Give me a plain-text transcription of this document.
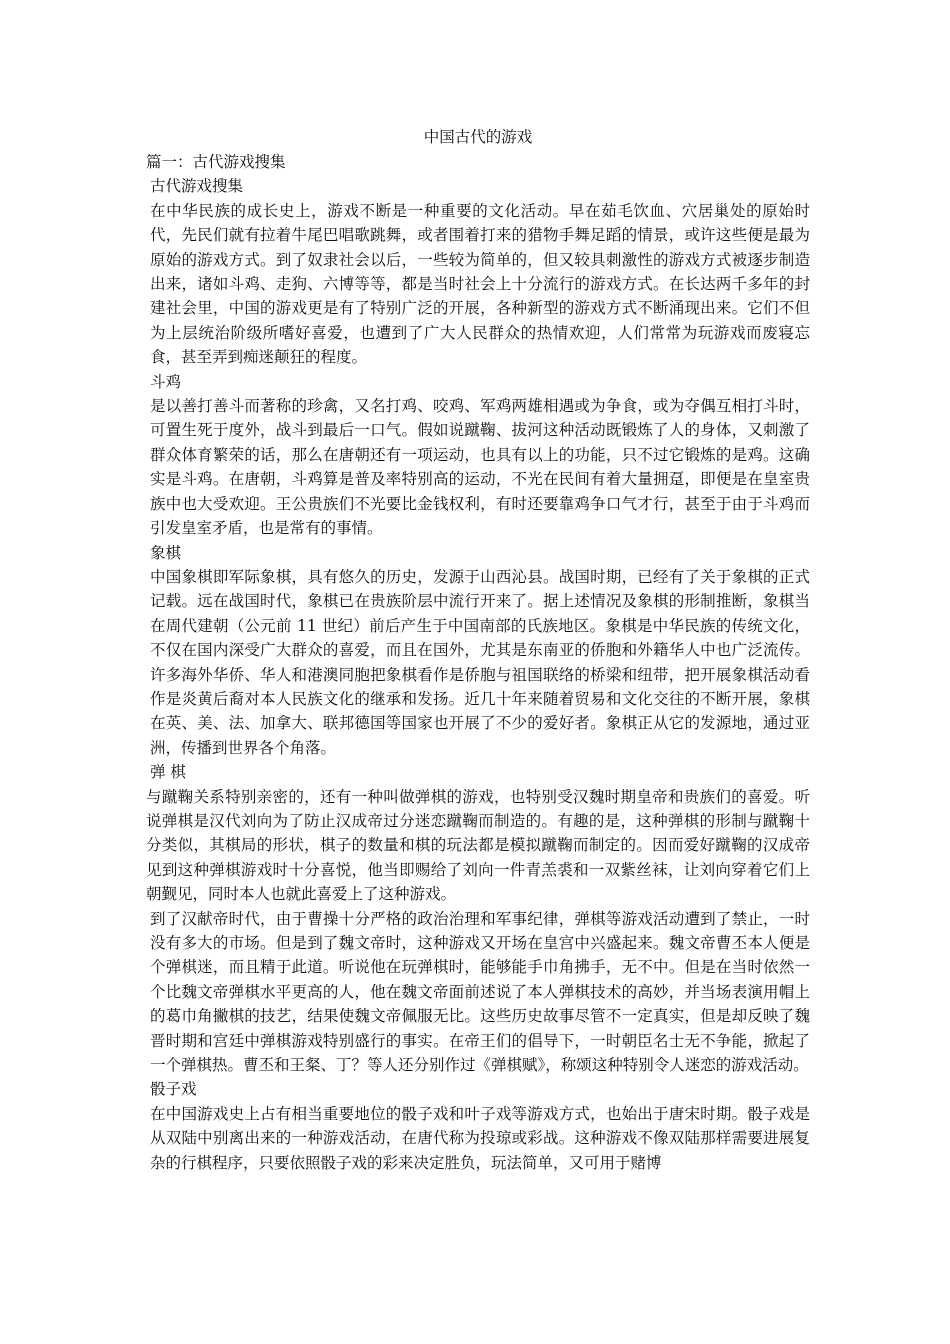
中国古代的游戏

篇一：古代游戏搜集

古代游戏搜集

在中华民族的成长史上，游戏不断是一种重要的文化活动。早在茹毛饮血、穴居巢处的原始时代，先民们就有拉着牛尾巴唱歌跳舞，或者围着打来的猎物手舞足蹈的情景，或许这些便是最为原始的游戏方式。到了奴隶社会以后，一些较为简单的，但又较具刺激性的游戏方式被逐步制造出来，诸如斗鸡、走狗、六博等等，都是当时社会上十分流行的游戏方式。在长达两千多年的封建社会里，中国的游戏更是有了特别广泛的开展，各种新型的游戏方式不断涌现出来。它们不但为上层统治阶级所嗜好喜爱，也遭到了广大人民群众的热情欢迎，人们常常为玩游戏而废寝忘食，甚至弄到痴迷颠狂的程度。

斗鸡

是以善打善斗而著称的珍禽，又名打鸡、咬鸡、军鸡两雄相遇或为争食，或为夺偶互相打斗时，可置生死于度外，战斗到最后一口气。假如说蹴鞠、拔河这种活动既锻炼了人的身体，又刺激了群众体育繁荣的话，那么在唐朝还有一项运动，也具有以上的功能，只不过它锻炼的是鸡。这确实是斗鸡。在唐朝，斗鸡算是普及率特别高的运动，不光在民间有着大量拥趸，即便是在皇室贵族中也大受欢迎。王公贵族们不光要比金钱权利，有时还要靠鸡争口气才行，甚至于由于斗鸡而引发皇室矛盾，也是常有的事情。

象棋

中国象棋即军际象棋，具有悠久的历史，发源于山西沁县。战国时期，已经有了关于象棋的正式记载。远在战国时代，象棋已在贵族阶层中流行开来了。据上述情况及象棋的形制推断，象棋当在周代建朝（公元前 11 世纪）前后产生于中国南部的氏族地区。象棋是中华民族的传统文化，不仅在国内深受广大群众的喜爱，而且在国外，尤其是东南亚的侨胞和外籍华人中也广泛流传。许多海外华侨、华人和港澳同胞把象棋看作是侨胞与祖国联络的桥梁和纽带，把开展象棋活动看作是炎黄后裔对本人民族文化的继承和发扬。近几十年来随着贸易和文化交往的不断开展，象棋在英、美、法、加拿大、联邦德国等国家也开展了不少的爱好者。象棋正从它的发源地，通过亚洲，传播到世界各个角落。

弹 棋

与蹴鞠关系特别亲密的，还有一种叫做弹棋的游戏，也特别受汉魏时期皇帝和贵族们的喜爱。听说弹棋是汉代刘向为了防止汉成帝过分迷恋蹴鞠而制造的。有趣的是，这种弹棋的形制与蹴鞠十分类似，其棋局的形状，棋子的数量和棋的玩法都是模拟蹴鞠而制定的。因而爱好蹴鞠的汉成帝见到这种弹棋游戏时十分喜悦，他当即赐给了刘向一件青羔裘和一双紫丝袜，让刘向穿着它们上朝觐见，同时本人也就此喜爱上了这种游戏。

到了汉献帝时代，由于曹操十分严格的政治治理和军事纪律，弹棋等游戏活动遭到了禁止，一时没有多大的市场。但是到了魏文帝时，这种游戏又开场在皇宫中兴盛起来。魏文帝曹丕本人便是个弹棋迷，而且精于此道。听说他在玩弹棋时，能够能手巾角拂手，无不中。但是在当时依然一个比魏文帝弹棋水平更高的人，他在魏文帝面前述说了本人弹棋技术的高妙，并当场表演用帽上的葛巾角撇棋的技艺，结果使魏文帝佩服无比。这些历史故事尽管不一定真实，但是却反映了魏晋时期和宫廷中弹棋游戏特别盛行的事实。在帝王们的倡导下，一时朝臣名士无不争能，掀起了一个弹棋热。曹丕和王粲、丁？等人还分别作过《弹棋赋》，称颂这种特别令人迷恋的游戏活动。

骰子戏

在中国游戏史上占有相当重要地位的骰子戏和叶子戏等游戏方式，也始出于唐宋时期。骰子戏是从双陆中别离出来的一种游戏活动，在唐代称为投琼或彩战。这种游戏不像双陆那样需要进展复杂的行棋程序，只要依照骰子戏的彩来决定胜负，玩法简单，又可用于赌博
